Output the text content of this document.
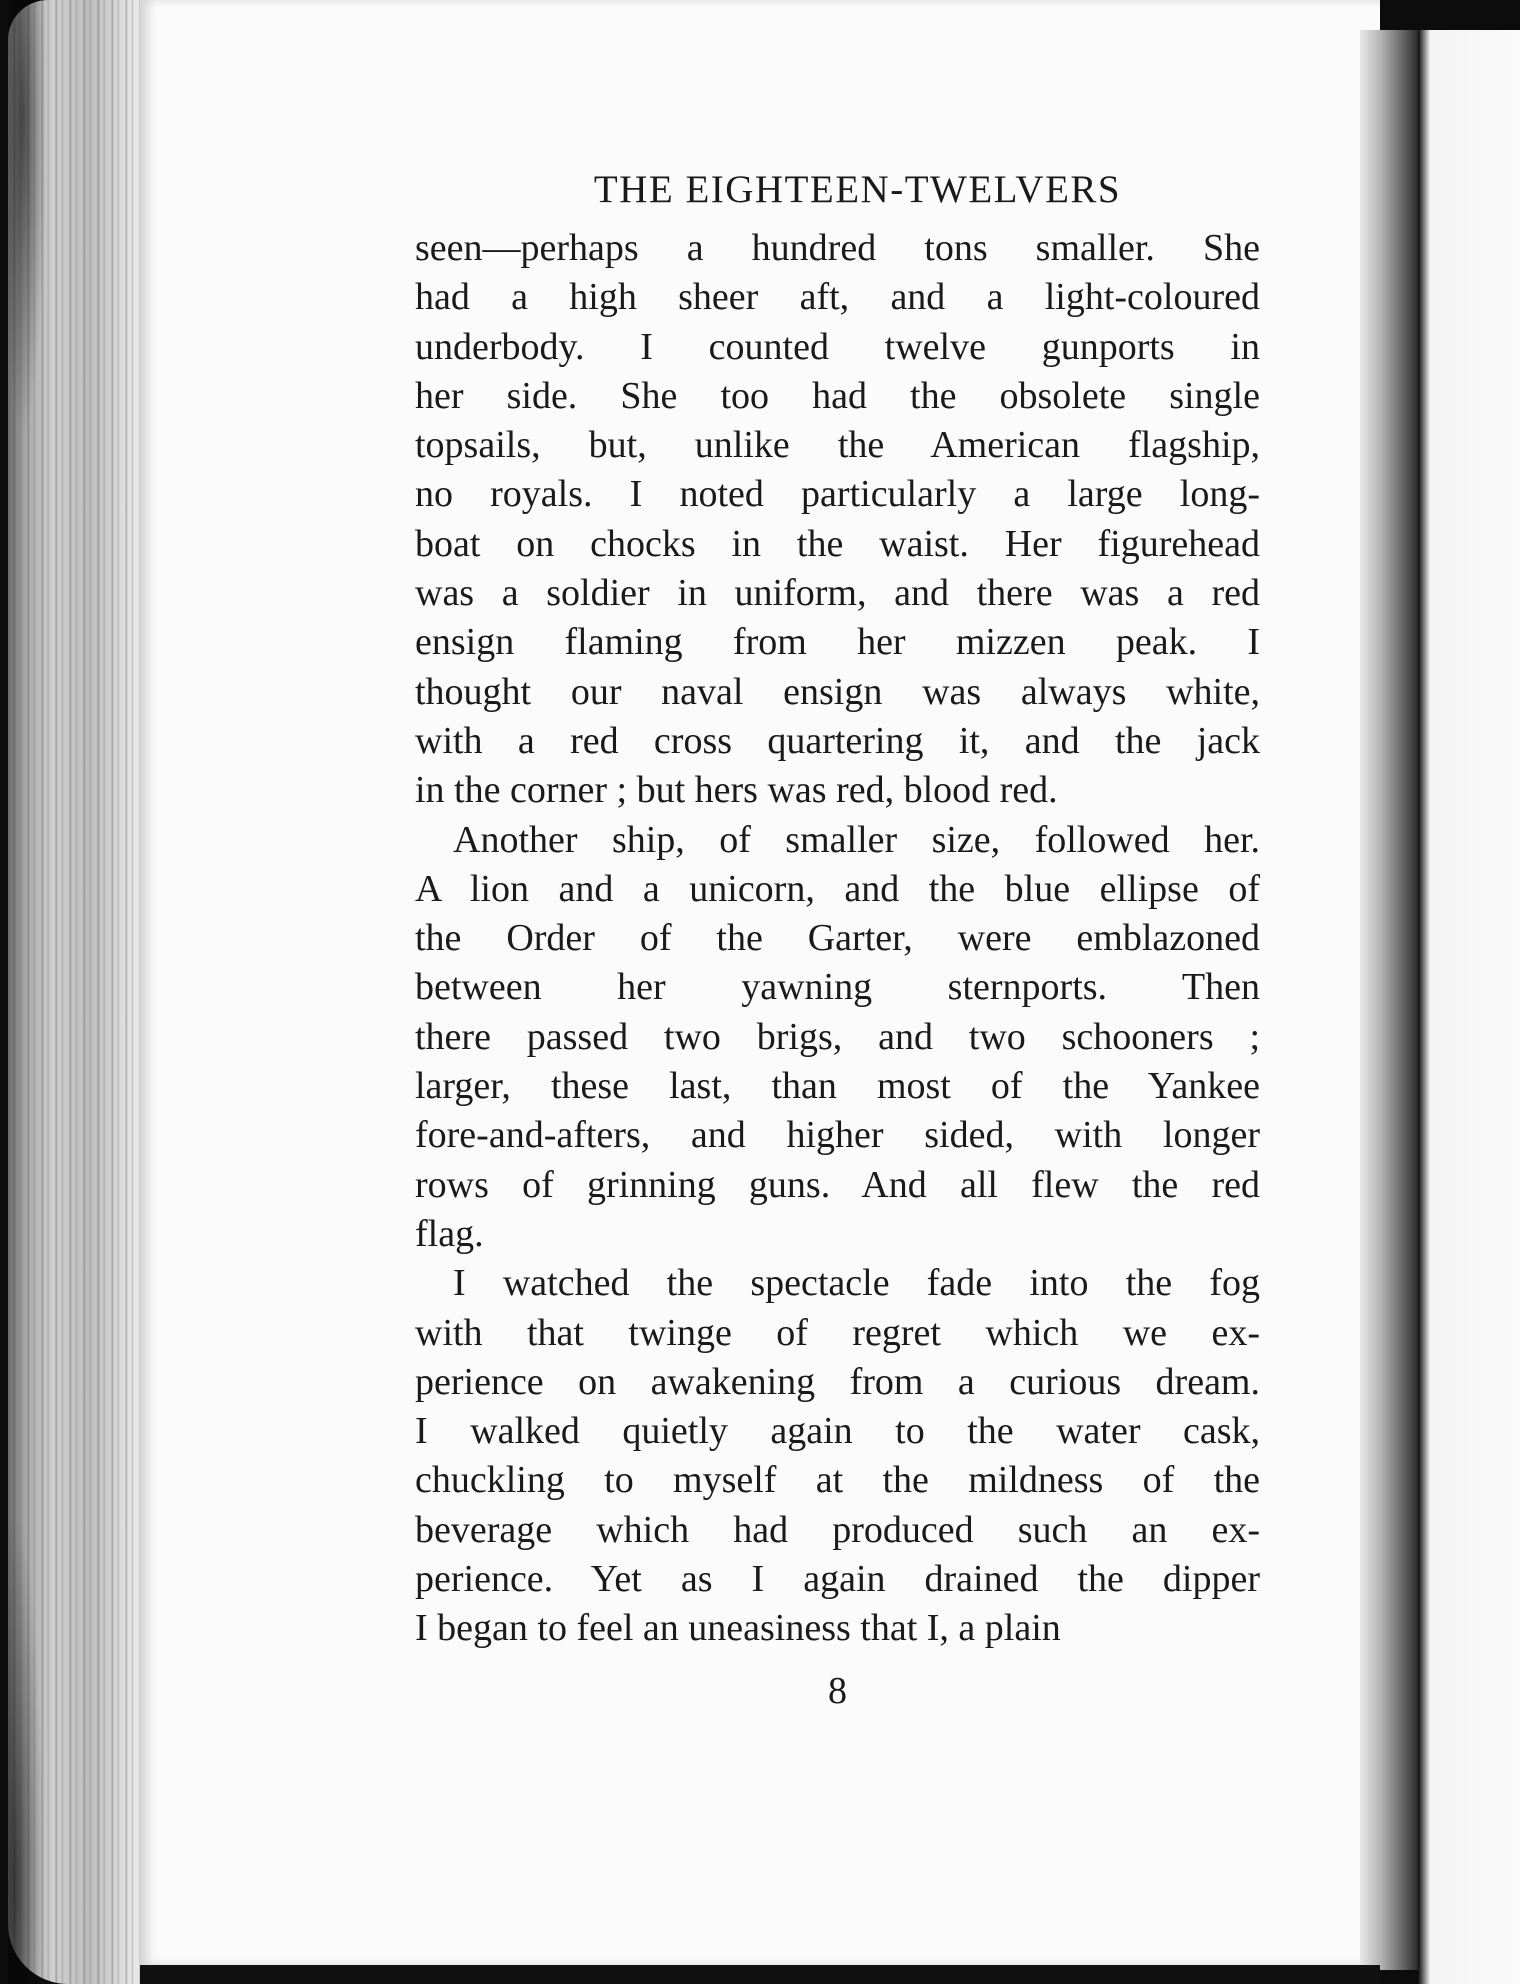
THE EIGHTEEN-TWELVERS
seen—perhaps a hundred tons smaller. She
had a high sheer aft, and a light-coloured
underbody. I counted twelve gunports in
her side. She too had the obsolete single
topsails, but, unlike the American flagship,
no royals. I noted particularly a large long-
boat on chocks in the waist. Her figurehead
was a soldier in uniform, and there was a red
ensign flaming from her mizzen peak. I
thought our naval ensign was always white,
with a red cross quartering it, and the jack
in the corner ; but hers was red, blood red.
Another ship, of smaller size, followed her.
A lion and a unicorn, and the blue ellipse of
the Order of the Garter, were emblazoned
between her yawning sternports. Then
there passed two brigs, and two schooners ;
larger, these last, than most of the Yankee
fore-and-afters, and higher sided, with longer
rows of grinning guns. And all flew the red
flag.
I watched the spectacle fade into the fog
with that twinge of regret which we ex-
perience on awakening from a curious dream.
I walked quietly again to the water cask,
chuckling to myself at the mildness of the
beverage which had produced such an ex-
perience. Yet as I again drained the dipper
I began to feel an uneasiness that I, a plain
8
